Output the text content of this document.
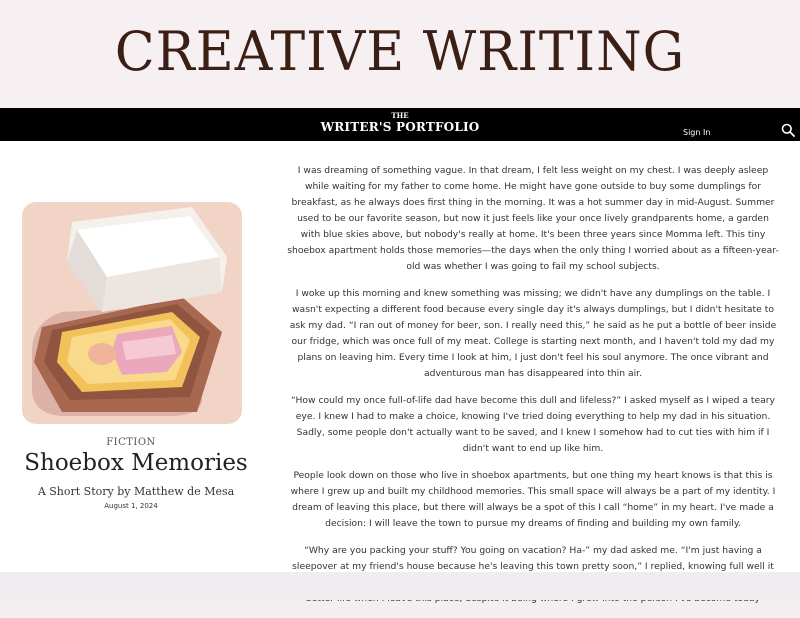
CREATIVE WRITING
THE
WRITER'S PORTFOLIO	Sign In
FICTION
Shoebox Memories
A Short Story by Matthew de Mesa
August 1, 2024

I was dreaming of something vague. In that dream, I felt less weight on my chest. I was deeply asleep while waiting for my father to come home. He might have gone outside to buy some dumplings for breakfast, as he always does first thing in the morning. It was a hot summer day in mid-August. Summer used to be our favorite season, but now it just feels like your once lively grandparents home, a garden with blue skies above, but nobody's really at home. It's been three years since Momma left. This tiny shoebox apartment holds those memories—the days when the only thing I worried about as a fifteen-year-old was whether I was going to fail my school subjects.

I woke up this morning and knew something was missing; we didn't have any dumplings on the table. I wasn't expecting a different food because every single day it's always dumplings, but I didn't hesitate to ask my dad. “I ran out of money for beer, son. I really need this,” he said as he put a bottle of beer inside our fridge, which was once full of my meat. College is starting next month, and I haven't told my dad my plans on leaving him. Every time I look at him, I just don't feel his soul anymore. The once vibrant and adventurous man has disappeared into thin air.

“How could my once full-of-life dad have become this dull and lifeless?” I asked myself as I wiped a teary eye. I knew I had to make a choice, knowing I've tried doing everything to help my dad in his situation. Sadly, some people don't actually want to be saved, and I knew I somehow had to cut ties with him if I didn't want to end up like him.

People look down on those who live in shoebox apartments, but one thing my heart knows is that this is where I grew up and built my childhood memories. This small space will always be a part of my identity. I dream of leaving this place, but there will always be a spot of this I call “home” in my heart. I've made a decision: I will leave the town to pursue my dreams of finding and building my own family.

“Why are you packing your stuff? You going on vacation? Ha-” my dad asked me. “I'm just having a sleepover at my friend's house because he's leaving this town pretty soon,” I replied, knowing full well it
